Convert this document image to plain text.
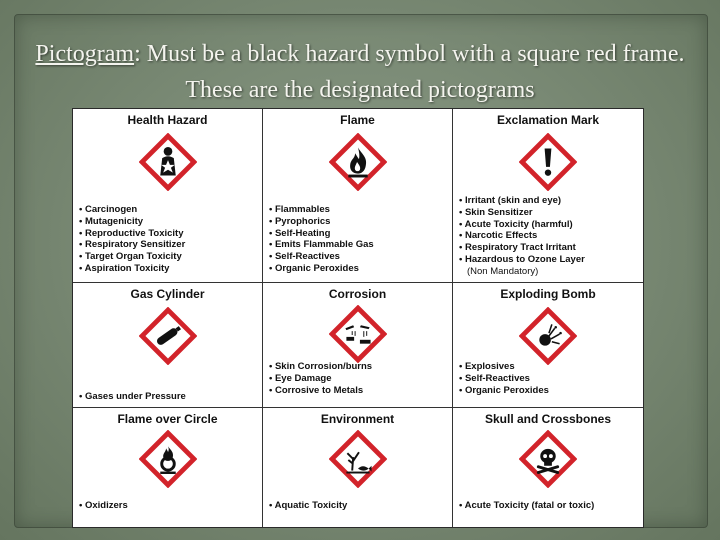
Pictogram: Must be a black hazard symbol with a square red frame. These are the designated pictograms
Health Hazard
• Carcinogen
• Mutagenicity
• Reproductive Toxicity
• Respiratory Sensitizer
• Target Organ Toxicity
• Aspiration Toxicity
Flame
• Flammables
• Pyrophorics
• Self-Heating
• Emits Flammable Gas
• Self-Reactives
• Organic Peroxides
Exclamation Mark
• Irritant (skin and eye)
• Skin Sensitizer
• Acute Toxicity (harmful)
• Narcotic Effects
• Respiratory Tract Irritant
• Hazardous to Ozone Layer
(Non Mandatory)
Gas Cylinder
• Gases under Pressure
Corrosion
• Skin Corrosion/burns
• Eye Damage
• Corrosive to Metals
Exploding Bomb
• Explosives
• Self-Reactives
• Organic Peroxides
Flame over Circle
• Oxidizers
Environment
• Aquatic Toxicity
Skull and Crossbones
• Acute Toxicity (fatal or toxic)
